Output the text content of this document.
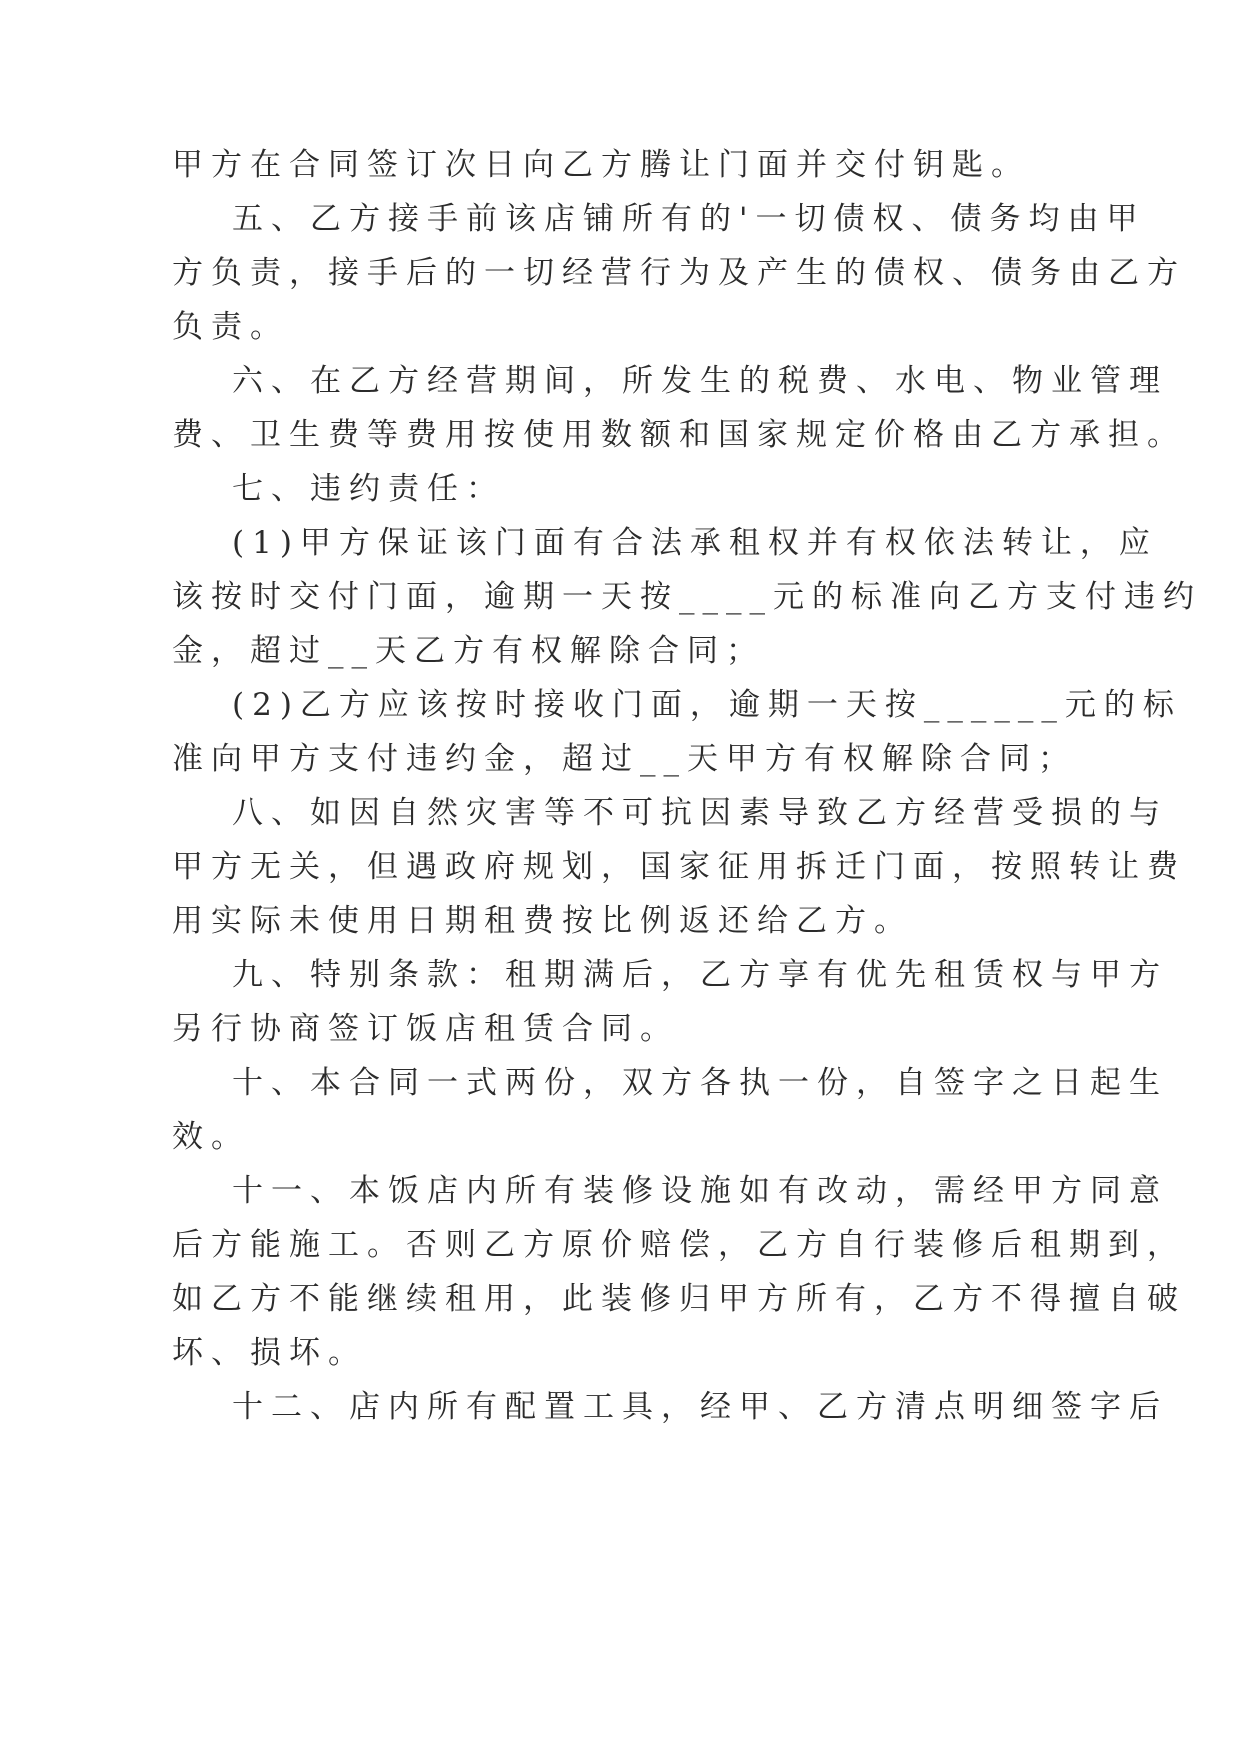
甲方在合同签订次日向乙方腾让门面并交付钥匙。
五、乙方接手前该店铺所有的'一切债权、债务均由甲
方负责，接手后的一切经营行为及产生的债权、债务由乙方
负责。
六、在乙方经营期间，所发生的税费、水电、物业管理
费、卫生费等费用按使用数额和国家规定价格由乙方承担。
七、违约责任：
(1)甲方保证该门面有合法承租权并有权依法转让，应
该按时交付门面，逾期一天按____元的标准向乙方支付违约
金，超过__天乙方有权解除合同；
(2)乙方应该按时接收门面，逾期一天按______元的标
准向甲方支付违约金，超过__天甲方有权解除合同；
八、如因自然灾害等不可抗因素导致乙方经营受损的与
甲方无关，但遇政府规划，国家征用拆迁门面，按照转让费
用实际未使用日期租费按比例返还给乙方。
九、特别条款：租期满后，乙方享有优先租赁权与甲方
另行协商签订饭店租赁合同。
十、本合同一式两份，双方各执一份，自签字之日起生
效。
十一、本饭店内所有装修设施如有改动，需经甲方同意
后方能施工。否则乙方原价赔偿，乙方自行装修后租期到，
如乙方不能继续租用，此装修归甲方所有，乙方不得擅自破
坏、损坏。
十二、店内所有配置工具，经甲、乙方清点明细签字后
